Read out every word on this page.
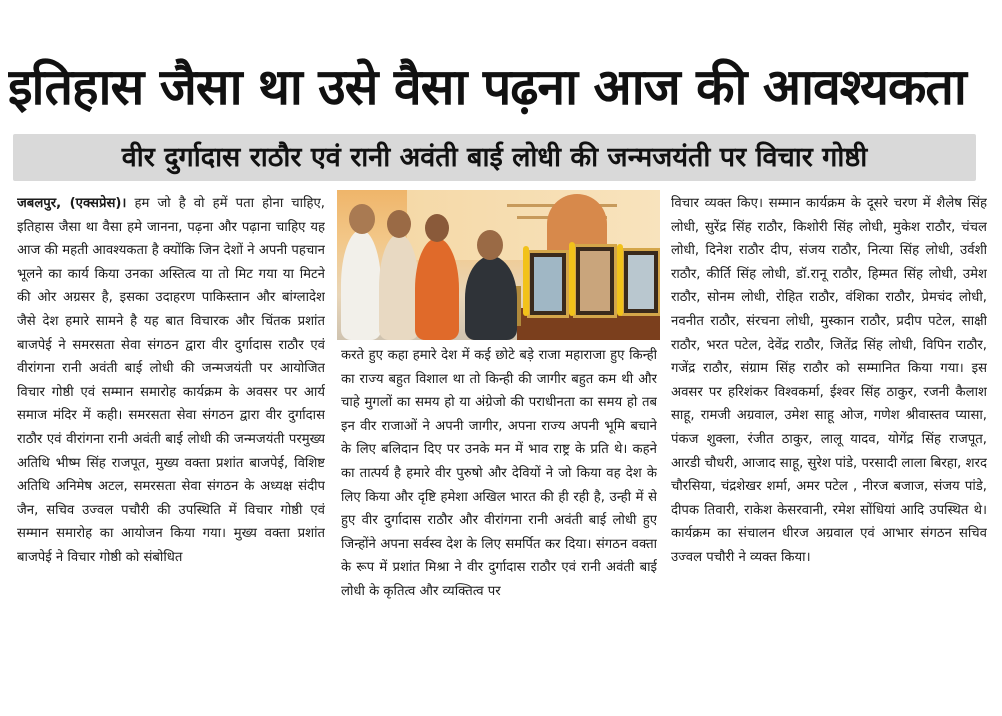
इतिहास जैसा था उसे वैसा पढ़ना आज की आवश्यकता
वीर दुर्गादास राठौर एवं रानी अवंती बाई लोधी की जन्मजयंती पर विचार गोष्ठी
जबलपुर, (एक्सप्रेस)। हम जो है वो हमें पता होना चाहिए, इतिहास जैसा था वैसा हमे जानना, पढ़ना और पढ़ाना चाहिए यह आज की महती आवश्यकता है क्योंकि जिन देशों ने अपनी पहचान भूलने का कार्य किया उनका अस्तित्व या तो मिट गया या मिटने की ओर अग्रसर है, इसका उदाहरण पाकिस्तान और बांग्लादेश जैसे देश हमारे सामने है यह बात विचारक और चिंतक प्रशांत बाजपेई ने समरसता सेवा संगठन द्वारा वीर दुर्गादास राठौर एवं वीरांगना रानी अवंती बाई लोधी की जन्मजयंती पर आयोजित विचार गोष्ठी एवं सम्मान समारोह कार्यक्रम के अवसर पर आर्य समाज मंदिर में कही। समरसता सेवा संगठन द्वारा वीर दुर्गादास राठौर एवं वीरांगना रानी अवंती बाई लोधी की जन्मजयंती परमुख्य अतिथि भीष्म सिंह राजपूत, मुख्य वक्ता प्रशांत बाजपेई, विशिष्ट अतिथि अनिमेष अटल, समरसता सेवा संगठन के अध्यक्ष संदीप जैन, सचिव उज्वल पचौरी की उपस्थिति में विचार गोष्ठी एवं सम्मान समारोह का आयोजन किया गया। मुख्य वक्ता प्रशांत बाजपेई ने विचार गोष्ठी को संबोधित
करते हुए कहा हमारे देश में कई छोटे बड़े राजा महाराजा हुए किन्ही का राज्य बहुत विशाल था तो किन्ही की जागीर बहुत कम थी और चाहे मुगलों का समय हो या अंग्रेजो की पराधीनता का समय हो तब इन वीर राजाओं ने अपनी जागीर, अपना राज्य अपनी भूमि बचाने के लिए बलिदान दिए पर उनके मन में भाव राष्ट्र के प्रति थे। कहने का तात्पर्य है हमारे वीर पुरुषो और देवियों ने जो किया वह देश के लिए किया और दृष्टि हमेशा अखिल भारत की ही रही है, उन्ही में से हुए वीर दुर्गादास राठौर और वीरांगना रानी अवंती बाई लोधी हुए जिन्होंने अपना सर्वस्व देश के लिए समर्पित कर दिया। संगठन वक्ता के रूप में प्रशांत मिश्रा ने वीर दुर्गादास राठौर एवं रानी अवंती बाई लोधी के कृतित्व और व्यक्तित्व पर
विचार व्यक्त किए। सम्मान कार्यक्रम के दूसरे चरण में शैलेष सिंह लोधी, सुरेंद्र सिंह राठौर, किशोरी सिंह लोधी, मुकेश राठौर, चंचल लोधी, दिनेश राठौर दीप, संजय राठौर, नित्या सिंह लोधी, उर्वशी राठौर, कीर्ति सिंह लोधी, डॉ.रानू राठौर, हिम्मत सिंह लोधी, उमेश राठौर, सोनम लोधी, रोहित राठौर, वंशिका राठौर, प्रेमचंद लोधी, नवनीत राठौर, संरचना लोधी, मुस्कान राठौर, प्रदीप पटेल, साक्षी राठौर, भरत पटेल, देवेंद्र राठौर, जितेंद्र सिंह लोधी, विपिन राठौर, गजेंद्र राठौर, संग्राम सिंह राठौर को सम्मानित किया गया। इस अवसर पर हरिशंकर विश्वकर्मा, ईश्वर सिंह ठाकुर, रजनी कैलाश साहू, रामजी अग्रवाल, उमेश साहू ओज, गणेश श्रीवास्तव प्यासा, पंकज शुक्ला, रंजीत ठाकुर, लालू यादव, योगेंद्र सिंह राजपूत, आरडी चौधरी, आजाद साहू, सुरेश पांडे, परसादी लाला बिरहा, शरद चौरसिया, चंद्रशेखर शर्मा, अमर पटेल , नीरज बजाज, संजय पांडे, दीपक तिवारी, राकेश केसरवानी, रमेश सोंधियां आदि उपस्थित थे। कार्यक्रम का संचालन धीरज अग्रवाल एवं आभार संगठन सचिव उज्वल पचौरी ने व्यक्त किया।
